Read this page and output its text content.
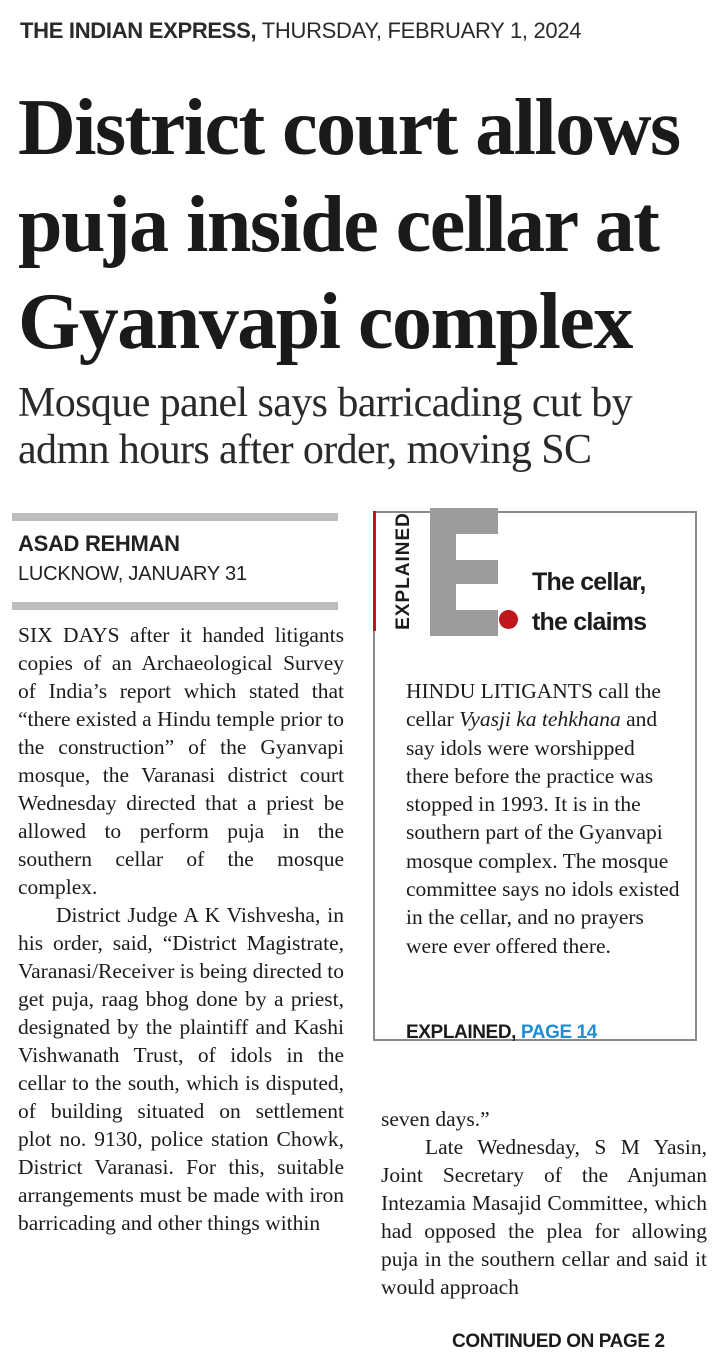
THE INDIAN EXPRESS, THURSDAY, FEBRUARY 1, 2024
District court allows puja inside cellar at Gyanvapi complex
Mosque panel says barricading cut by admn hours after order, moving SC
ASAD REHMAN
LUCKNOW, JANUARY 31

SIX DAYS after it handed litigants copies of an Archaeological Survey of India’s report which stated that “there existed a Hindu temple prior to the construction” of the Gyanvapi mosque, the Varanasi district court Wednesday directed that a priest be allowed to perform puja in the southern cellar of the mosque complex.

District Judge A K Vishvesha, in his order, said, “District Magistrate, Varanasi/Receiver is being directed to get puja, raag bhog done by a priest, designated by the plaintiff and Kashi Vishwanath Trust, of idols in the cellar to the south, which is disputed, of building situated on settlement plot no. 9130, police station Chowk, District Varanasi. For this, suitable arrangements must be made with iron barricading and other things within

EXPLAINED	The cellar,
the claims
HINDU LITIGANTS call the cellar Vyasji ka tehkhana and say idols were worshipped there before the practice was stopped in 1993. It is in the southern part of the Gyanvapi mosque complex. The mosque committee says no idols existed in the cellar, and no prayers were ever offered there.
EXPLAINED, PAGE 14

seven days.”

Late Wednesday, S M Yasin, Joint Secretary of the Anjuman Intezamia Masajid Committee, which had opposed the plea for allowing puja in the southern cellar and said it would approach

CONTINUED ON PAGE 2
